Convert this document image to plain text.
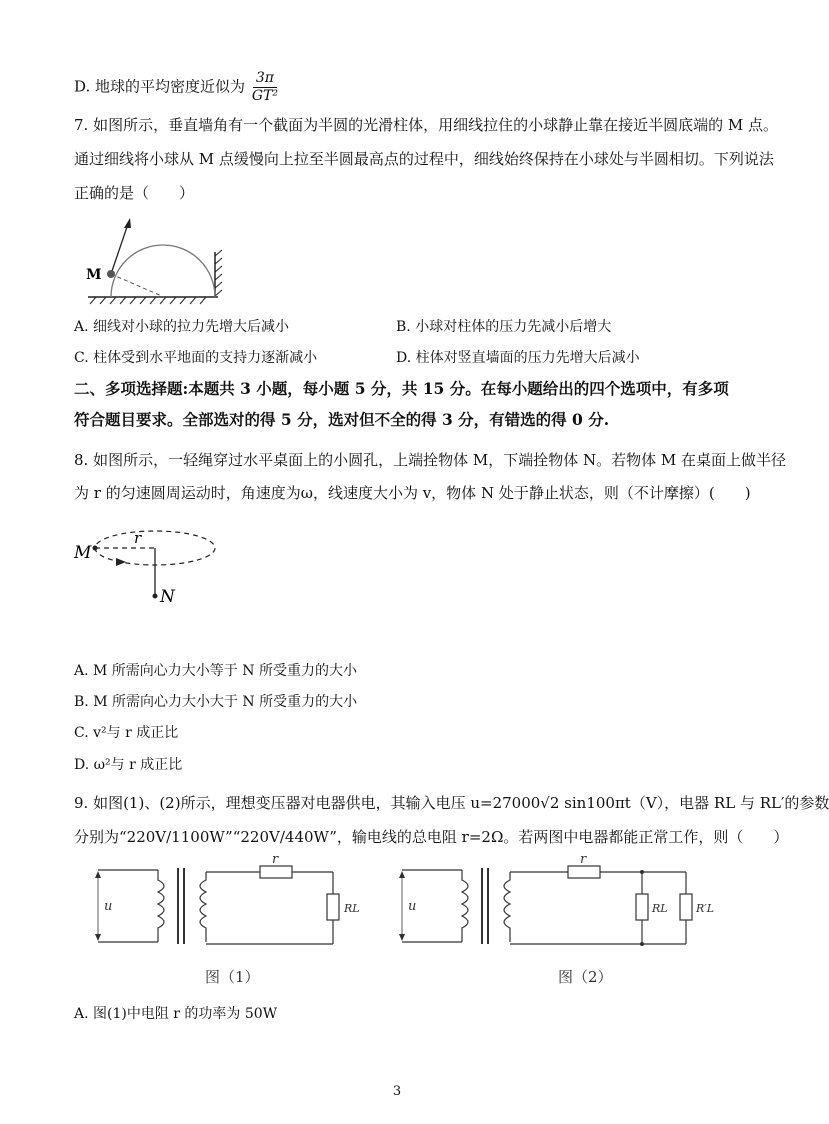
D. 地球的平均密度近似为 $\frac{3\pi}{\text{GT²}}$
7. 如图所示，垂直墙角有一个截面为半圆的光滑柱体，用细线拉住的小球静止靠在接近半圆底端的 M 点。
通过细线将小球从 M 点缓慢向上拉至半圆最高点的过程中，细线始终保持在小球处与半圆相切。下列说法
正确的是（　　）
M
A. 细线对小球的拉力先增大后减小	B. 小球对柱体的压力先减小后增大
C. 柱体受到水平地面的支持力逐渐减小	D. 柱体对竖直墙面的压力先增大后减小
二、多项选择题:本题共 3 小题，每小题 5 分，共 15 分。在每小题给出的四个选项中，有多项
符合题目要求。全部选对的得 5 分，选对但不全的得 3 分，有错选的得 0 分.
8. 如图所示，一轻绳穿过水平桌面上的小圆孔，上端拴物体 M，下端拴物体 N。若物体 M 在桌面上做半径
为 r 的匀速圆周运动时，角速度为ω，线速度大小为 v，物体 N 处于静止状态，则（不计摩擦）(　　)
M
r
N
A. M 所需向心力大小等于 N 所受重力的大小
B. M 所需向心力大小大于 N 所受重力的大小
C. v²与 r 成正比
D. ω²与 r 成正比
9. 如图(1)、(2)所示，理想变压器对电器供电，其输入电压 u=27000√2 sin100πt（V），电器 RL 与 RL′的参数
分别为“220V/1100W”“220V/440W”，输电线的总电阻 r=2Ω。若两图中电器都能正常工作，则（　　）
u
r
RL
图（1）
u
r
RL	R′L
图（2）
A. 图(1)中电阻 r 的功率为 50W
3
